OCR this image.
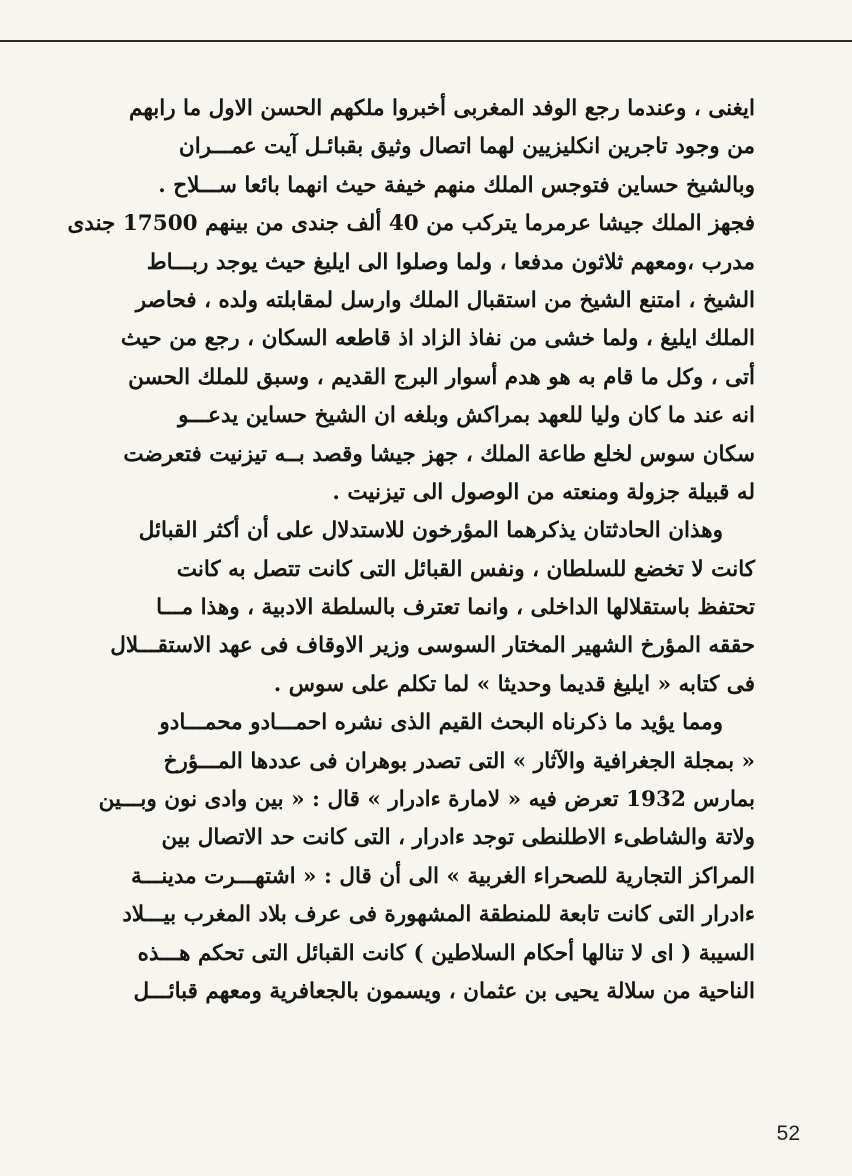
ايغنى ، وعندما رجع الوفد المغربى أخبروا ملكهم الحسن الاول ما رابهم
من وجود تاجرين انكليزيين لهما اتصال وثيق بقبائـل آيت عمـــران
وبالشيخ حساين فتوجس الملك منهم خيفة حيث انهما بائعا ســـلاح .
فجهز الملك جيشا عرمرما يتركب من 40 ألف جندى من بينهم 17500 جندى
مدرب ،ومعهم ثلاثون مدفعا ، ولما وصلوا الى ايليغ حيث يوجد ربـــاط
الشيخ ، امتنع الشيخ من استقبال الملك وارسل لمقابلته ولده ، فحاصر
الملك ايليغ ، ولما خشى من نفاذ الزاد اذ قاطعه السكان ، رجع من حيث
أتى ، وكل ما قام به هو هدم أسوار البرج القديم ، وسبق للملك الحسن
انه عند ما كان وليا للعهد بمراكش وبلغه ان الشيخ حساين يدعـــو
سكان سوس لخلع طاعة الملك ، جهز جيشا وقصد بــه تيزنيت فتعرضت
له قبيلة جزولة ومنعته من الوصول الى تيزنيت .
وهذان الحادثتان يذكرهما المؤرخون للاستدلال على أن أكثر القبائل
كانت لا تخضع للسلطان ، ونفس القبائل التى كانت تتصل به كانت
تحتفظ باستقلالها الداخلى ، وانما تعترف بالسلطة الادبية ، وهذا مـــا
حققه المؤرخ الشهير المختار السوسى وزير الاوقاف فى عهد الاستقـــلال
فى كتابه « ايليغ قديما وحديثا » لما تكلم على سوس .
ومما يؤيد ما ذكرناه البحث القيم الذى نشره احمـــادو محمـــادو
« بمجلة الجغرافية والآثار » التى تصدر بوهران فى عددها المـــؤرخ
بمارس 1932 تعرض فيه « لامارة ءادرار » قال : « بين وادى نون وبـــين
ولاتة والشاطىء الاطلنطى توجد ءادرار ، التى كانت حد الاتصال بين
المراكز التجارية للصحراء الغربية » الى أن قال : « اشتهـــرت مدينـــة
ءادرار التى كانت تابعة للمنطقة المشهورة فى عرف بلاد المغرب بيـــلاد
السيبة ( اى لا تنالها أحكام السلاطين ) كانت القبائل التى تحكم هـــذه
الناحية من سلالة يحيى بن عثمان ، ويسمون بالجعافرية ومعهم قبائـــل
52
